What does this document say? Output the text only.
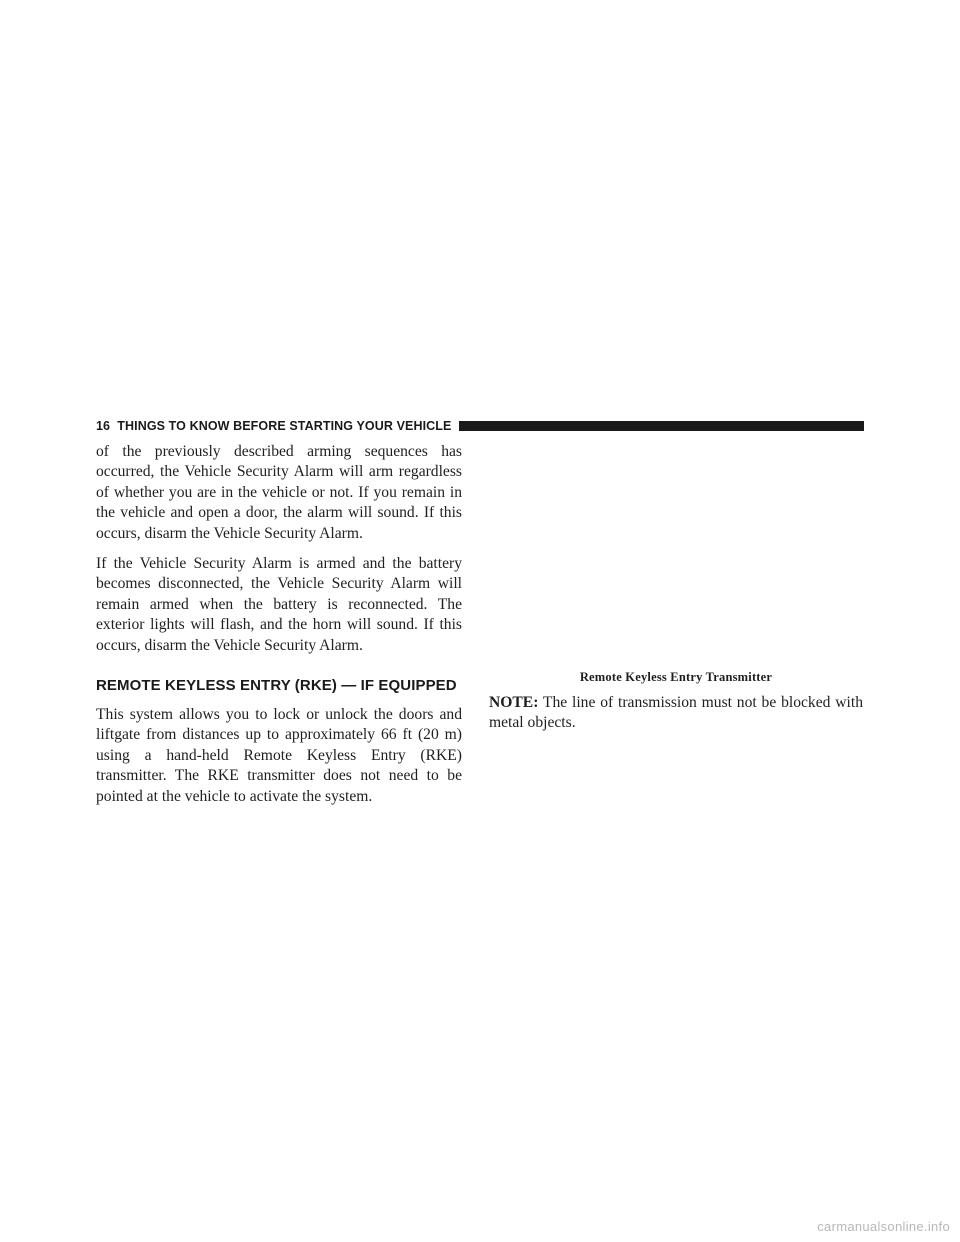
16 THINGS TO KNOW BEFORE STARTING YOUR VEHICLE

of the previously described arming sequences has occurred, the Vehicle Security Alarm will arm regardless of whether you are in the vehicle or not. If you remain in the vehicle and open a door, the alarm will sound. If this occurs, disarm the Vehicle Security Alarm.

If the Vehicle Security Alarm is armed and the battery becomes disconnected, the Vehicle Security Alarm will remain armed when the battery is reconnected. The exterior lights will flash, and the horn will sound. If this occurs, disarm the Vehicle Security Alarm.

REMOTE KEYLESS ENTRY (RKE) — IF EQUIPPED

This system allows you to lock or unlock the doors and liftgate from distances up to approximately 66 ft (20 m) using a hand-held Remote Keyless Entry (RKE) transmitter. The RKE transmitter does not need to be pointed at the vehicle to activate the system.

Remote Keyless Entry Transmitter

NOTE: The line of transmission must not be blocked with metal objects.

carmanualsonline.info
